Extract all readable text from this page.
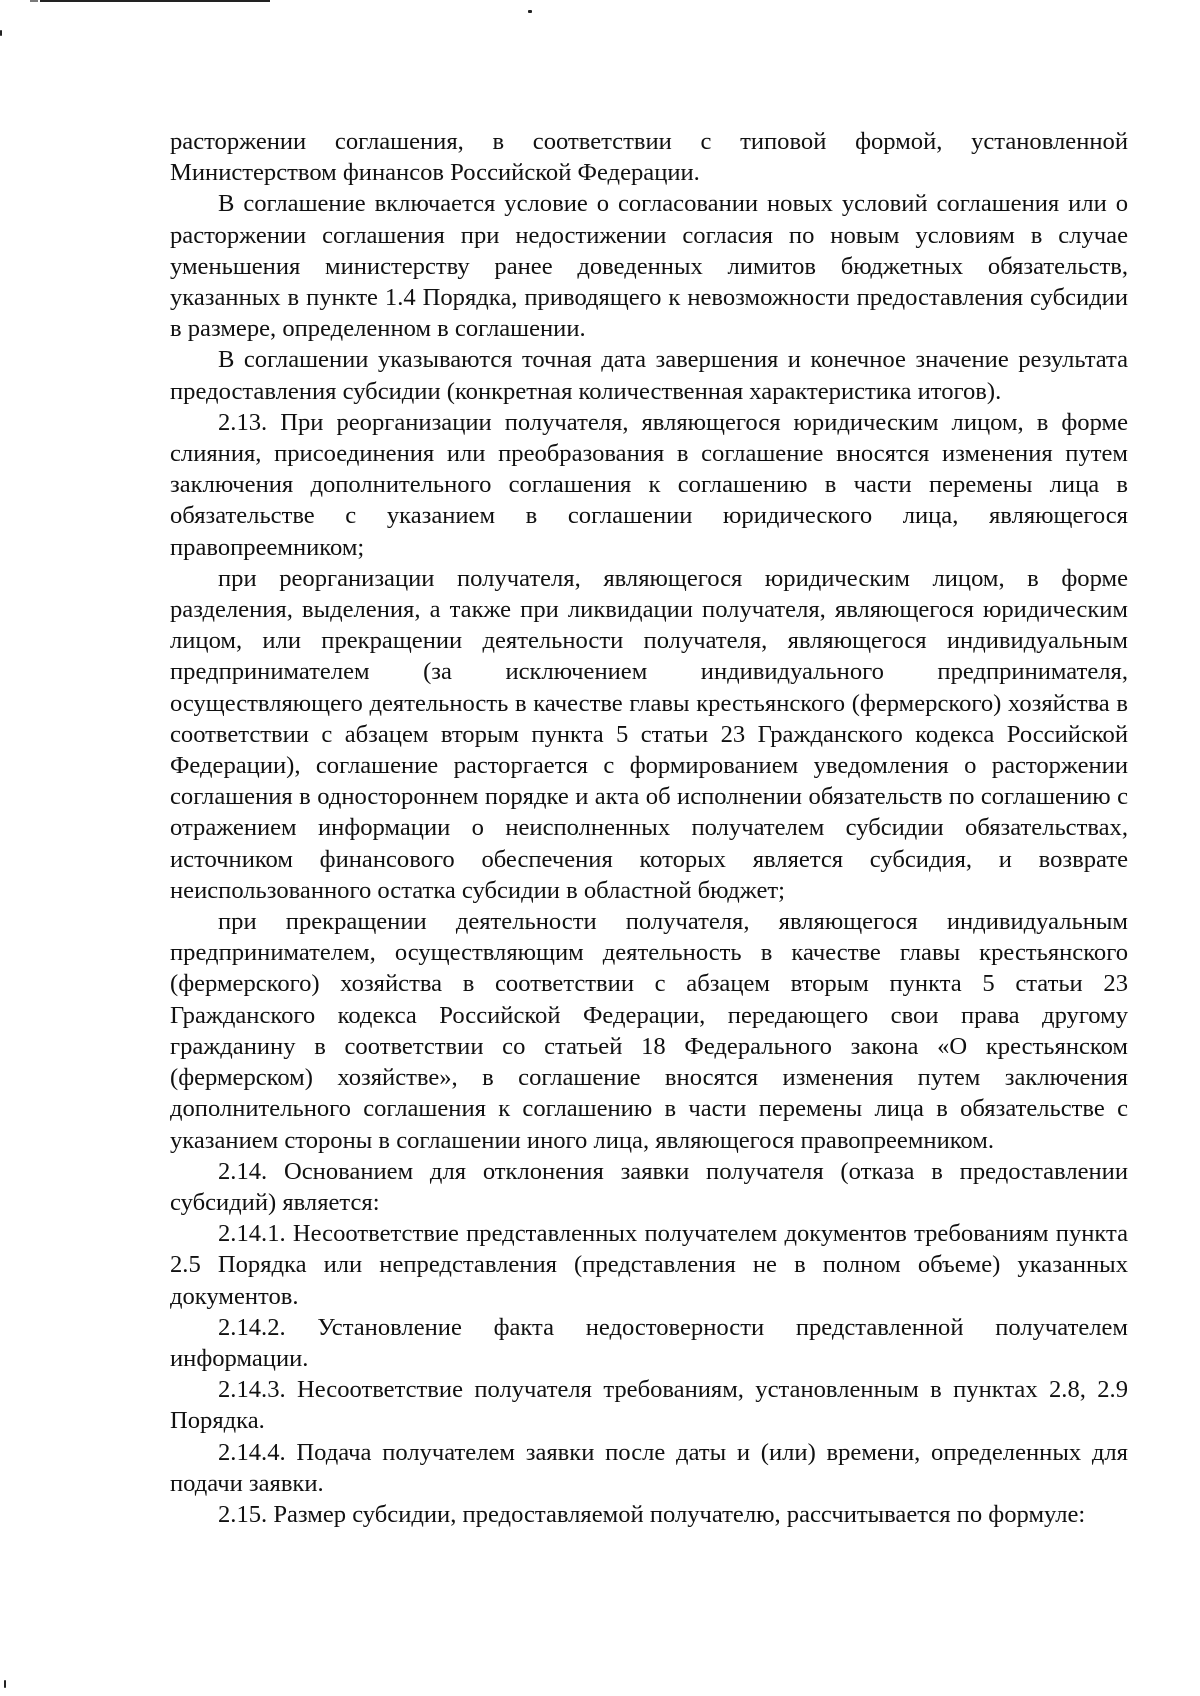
расторжении соглашения, в соответствии с типовой формой, установленной Министерством финансов Российской Федерации.

В соглашение включается условие о согласовании новых условий соглашения или о расторжении соглашения при недостижении согласия по новым условиям в случае уменьшения министерству ранее доведенных лимитов бюджетных обязательств, указанных в пункте 1.4 Порядка, приводящего к невозможности предоставления субсидии в размере, определенном в соглашении.

В соглашении указываются точная дата завершения и конечное значение результата предоставления субсидии (конкретная количественная характеристика итогов).

2.13. При реорганизации получателя, являющегося юридическим лицом, в форме слияния, присоединения или преобразования в соглашение вносятся изменения путем заключения дополнительного соглашения к соглашению в части перемены лица в обязательстве с указанием в соглашении юридического лица, являющегося правопреемником;

при реорганизации получателя, являющегося юридическим лицом, в форме разделения, выделения, а также при ликвидации получателя, являющегося юридическим лицом, или прекращении деятельности получателя, являющегося индивидуальным предпринимателем (за исключением индивидуального предпринимателя, осуществляющего деятельность в качестве главы крестьянского (фермерского) хозяйства в соответствии с абзацем вторым пункта 5 статьи 23 Гражданского кодекса Российской Федерации), соглашение расторгается с формированием уведомления о расторжении соглашения в одностороннем порядке и акта об исполнении обязательств по соглашению с отражением информации о неисполненных получателем субсидии обязательствах, источником финансового обеспечения которых является субсидия, и возврате неиспользованного остатка субсидии в областной бюджет;

при прекращении деятельности получателя, являющегося индивидуальным предпринимателем, осуществляющим деятельность в качестве главы крестьянского (фермерского) хозяйства в соответствии с абзацем вторым пункта 5 статьи 23 Гражданского кодекса Российской Федерации, передающего свои права другому гражданину в соответствии со статьей 18 Федерального закона «О крестьянском (фермерском) хозяйстве», в соглашение вносятся изменения путем заключения дополнительного соглашения к соглашению в части перемены лица в обязательстве с указанием стороны в соглашении иного лица, являющегося правопреемником.

2.14. Основанием для отклонения заявки получателя (отказа в предоставлении субсидий) является:

2.14.1. Несоответствие представленных получателем документов требованиям пункта 2.5 Порядка или непредставления (представления не в полном объеме) указанных документов.

2.14.2. Установление факта недостоверности представленной получателем информации.

2.14.3. Несоответствие получателя требованиям, установленным в пунктах 2.8, 2.9 Порядка.

2.14.4. Подача получателем заявки после даты и (или) времени, определенных для подачи заявки.

2.15. Размер субсидии, предоставляемой получателю, рассчитывается по формуле:
